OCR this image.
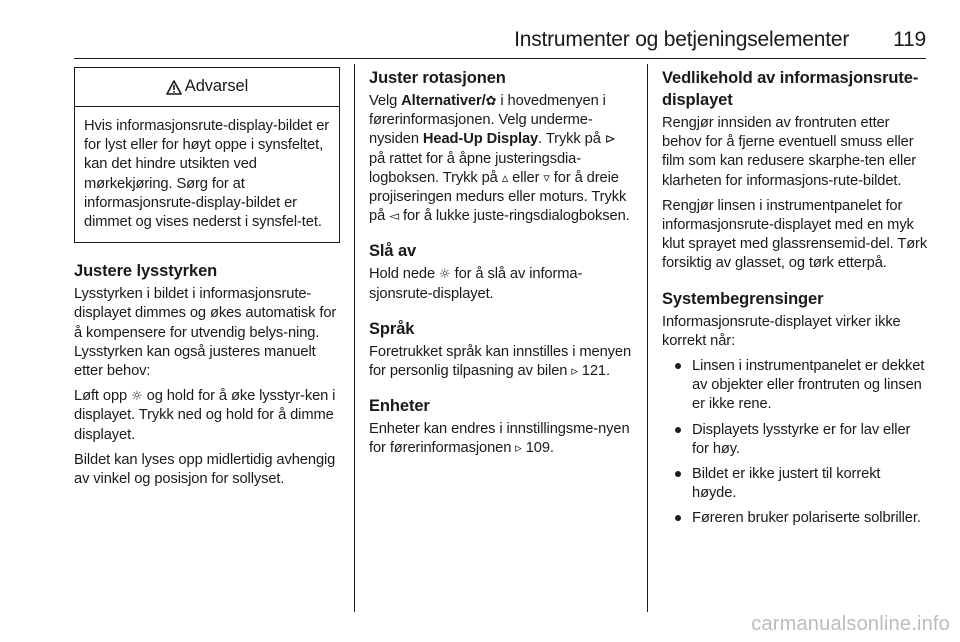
Instrumenter og betjeningselementer 119
Advarsel

Hvis informasjonsrute-display-bildet er for lyst eller for høyt oppe i synsfeltet, kan det hindre utsikten ved mørkekjøring. Sørg for at informasjonsrute-display-bildet er dimmet og vises nederst i synsfel-tet.

Justere lysstyrken

Lysstyrken i bildet i informasjonsrute-displayet dimmes og økes automatisk for å kompensere for utvendig belys-ning. Lysstyrken kan også justeres manuelt etter behov:

Løft opp ☼ og hold for å øke lysstyr-ken i displayet. Trykk ned og hold for å dimme displayet.

Bildet kan lyses opp midlertidig avhengig av vinkel og posisjon for sollyset.

Juster rotasjonen

Velg Alternativer/✿ i hovedmenyen i førerinformasjonen. Velg underme-nysiden Head-Up Display. Trykk på ⊳ på rattet for å åpne justeringsdia-logboksen. Trykk på ▵ eller ▿ for å dreie projiseringen medurs eller moturs. Trykk på ◅ for å lukke juste-ringsdialogboksen.

Slå av

Hold nede ☼ for å slå av informa-sjonsrute-displayet.

Språk

Foretrukket språk kan innstilles i menyen for personlig tilpasning av bilen ▹ 121.

Enheter

Enheter kan endres i innstillingsme-nyen for førerinformasjonen ▹ 109.

Vedlikehold av informasjonsrute-displayet

Rengjør innsiden av frontruten etter behov for å fjerne eventuell smuss eller film som kan redusere skarphe-ten eller klarheten for informasjons-rute-bildet.

Rengjør linsen i instrumentpanelet for informasjonsrute-displayet med en myk klut sprayet med glassrensemid-del. Tørk forsiktig av glasset, og tørk etterpå.

Systembegrensinger

Informasjonsrute-displayet virker ikke korrekt når:

Linsen i instrumentpanelet er dekket av objekter eller frontruten og linsen er ikke rene.
Displayets lysstyrke er for lav eller for høy.
Bildet er ikke justert til korrekt høyde.
Føreren bruker polariserte solbriller.
carmanualsonline.info
